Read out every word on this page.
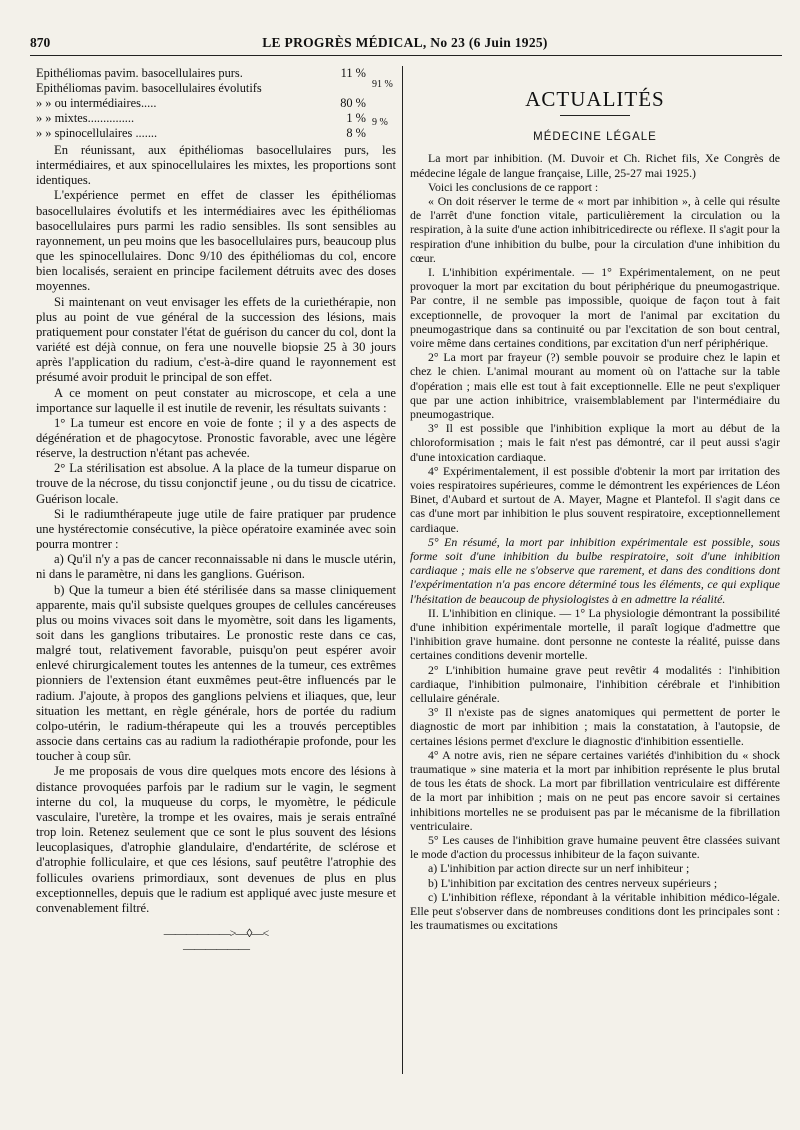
870	LE PROGRÈS MÉDICAL, No 23 (6 Juin 1925)
Epithéliomas pavim. basocellulaires purs.	11 %
Epithéliomas pavim. basocellulaires évolutifs
» » ou intermédiaires.....	80 %
» » mixtes...............	1 %
» » spinocellulaires .......	8 %
91 %
9 %

En réunissant, aux épithéliomas basocellulaires purs, les intermédiaires, et aux spinocellulaires les mixtes, les proportions sont identiques.

L'expérience permet en effet de classer les épithéliomas basocellulaires évolutifs et les intermédiaires avec les épithéliomas basocellulaires purs parmi les radio sensibles. Ils sont sensibles au rayonnement, un peu moins que les basocellulaires purs, beaucoup plus que les spinocellulaires. Donc 9/10 des épithéliomas du col, encore bien localisés, seraient en principe facilement détruits avec des doses moyennes.

Si maintenant on veut envisager les effets de la curiethérapie, non plus au point de vue général de la succession des lésions, mais pratiquement pour constater l'état de guérison du cancer du col, dont la variété est déjà connue, on fera une nouvelle biopsie 25 à 30 jours après l'application du radium, c'est-à-dire quand le rayonnement est présumé avoir produit le principal de son effet.

A ce moment on peut constater au microscope, et cela a une importance sur laquelle il est inutile de revenir, les résultats suivants :

1° La tumeur est encore en voie de fonte ; il y a des aspects de dégénération et de phagocytose. Pronostic favorable, avec une légère réserve, la destruction n'étant pas achevée.

2° La stérilisation est absolue. A la place de la tumeur disparue on trouve de la nécrose, du tissu conjonctif jeune , ou du tissu de cicatrice. Guérison locale.

Si le radiumthérapeute juge utile de faire pratiquer par prudence une hystérectomie consécutive, la pièce opératoire examinée avec soin pourra montrer :

a) Qu'il n'y a pas de cancer reconnaissable ni dans le muscle utérin, ni dans le paramètre, ni dans les ganglions. Guérison.

b) Que la tumeur a bien été stérilisée dans sa masse cliniquement apparente, mais qu'il subsiste quelques groupes de cellules cancéreuses plus ou moins vivaces soit dans le myomètre, soit dans les ligaments, soit dans les ganglions tributaires. Le pronostic reste dans ce cas, malgré tout, relativement favorable, puisqu'on peut espérer avoir enlevé chirurgicalement toutes les antennes de la tumeur, ces extrêmes pionniers de l'extension étant euxmêmes peut-être influencés par le radium. J'ajoute, à propos des ganglions pelviens et iliaques, que, leur situation les mettant, en règle générale, hors de portée du radium colpo-utérin, le radium-thérapeute qui les a trouvés perceptibles associe dans certains cas au radium la radiothérapie profonde, pour les toucher à coup sûr.

Je me proposais de vous dire quelques mots encore des lésions à distance provoquées parfois par le radium sur le vagin, le segment interne du col, la muqueuse du corps, le myomètre, le pédicule vasculaire, l'uretère, la trompe et les ovaires, mais je serais entraîné trop loin. Retenez seulement que ce sont le plus souvent des lésions leucoplasiques, d'atrophie glandulaire, d'endartérite, de sclérose et d'atrophie folliculaire, et que ces lésions, sauf peutêtre l'atrophie des follicules ovariens primordiaux, sont devenues de plus en plus exceptionnelles, depuis que le radium est appliqué avec juste mesure et convenablement filtré.

——————>—◊—<——————
ACTUALITÉS
MÉDECINE LÉGALE

La mort par inhibition. (M. Duvoir et Ch. Richet fils, Xe Congrès de médecine légale de langue française, Lille, 25-27 mai 1925.)

Voici les conclusions de ce rapport :

« On doit réserver le terme de « mort par inhibition », à celle qui résulte de l'arrêt d'une fonction vitale, particulièrement la circulation ou la respiration, à la suite d'une action inhibitricedirecte ou réflexe. Il s'agit pour la respiration d'une inhibition du bulbe, pour la circulation d'une inhibition du cœur.

I. L'inhibition expérimentale. — 1° Expérimentalement, on ne peut provoquer la mort par excitation du bout périphérique du pneumogastrique. Par contre, il ne semble pas impossible, quoique de façon tout à fait exceptionnelle, de provoquer la mort de l'animal par excitation du pneumogastrique dans sa continuité ou par l'excitation de son bout central, voire même dans certaines conditions, par excitation d'un nerf périphérique.

2° La mort par frayeur (?) semble pouvoir se produire chez le lapin et chez le chien. L'animal mourant au moment où on l'attache sur la table d'opération ; mais elle est tout à fait exceptionnelle. Elle ne peut s'expliquer que par une action inhibitrice, vraisemblablement par l'intermédiaire du pneumogastrique.

3° Il est possible que l'inhibition explique la mort au début de la chloroformisation ; mais le fait n'est pas démontré, car il peut aussi s'agir d'une intoxication cardiaque.

4° Expérimentalement, il est possible d'obtenir la mort par irritation des voies respiratoires supérieures, comme le démontrent les expériences de Léon Binet, d'Aubard et surtout de A. Mayer, Magne et Plantefol. Il s'agit dans ce cas d'une mort par inhibition le plus souvent respiratoire, exceptionnellement cardiaque.

5° En résumé, la mort par inhibition expérimentale est possible, sous forme soit d'une inhibition du bulbe respiratoire, soit d'une inhibition cardiaque ; mais elle ne s'observe que rarement, et dans des conditions dont l'expérimentation n'a pas encore déterminé tous les éléments, ce qui explique l'hésitation de beaucoup de physiologistes à en admettre la réalité.

II. L'inhibition en clinique. — 1° La physiologie démontrant la possibilité d'une inhibition expérimentale mortelle, il paraît logique d'admettre que l'inhibition grave humaine. dont personne ne conteste la réalité, puisse dans certaines conditions devenir mortelle.

2° L'inhibition humaine grave peut revêtir 4 modalités : l'inhibition cardiaque, l'inhibition pulmonaire, l'inhibition cérébrale et l'inhibition cellulaire générale.

3° Il n'existe pas de signes anatomiques qui permettent de porter le diagnostic de mort par inhibition ; mais la constatation, à l'autopsie, de certaines lésions permet d'exclure le diagnostic d'inhibition essentielle.

4° A notre avis, rien ne sépare certaines variétés d'inhibition du « shock traumatique » sine materia et la mort par inhibition représente le plus brutal de tous les états de shock. La mort par fibrillation ventriculaire est différente de la mort par inhibition ; mais on ne peut pas encore savoir si certaines inhibitions mortelles ne se produisent pas par le mécanisme de la fibrillation ventriculaire.

5° Les causes de l'inhibition grave humaine peuvent être classées suivant le mode d'action du processus inhibiteur de la façon suivante.

a) L'inhibition par action directe sur un nerf inhibiteur ;

b) L'inhibition par excitation des centres nerveux supérieurs ;

c) L'inhibition réflexe, répondant à la véritable inhibition médico-légale. Elle peut s'observer dans de nombreuses conditions dont les principales sont : les traumatismes ou excitations
